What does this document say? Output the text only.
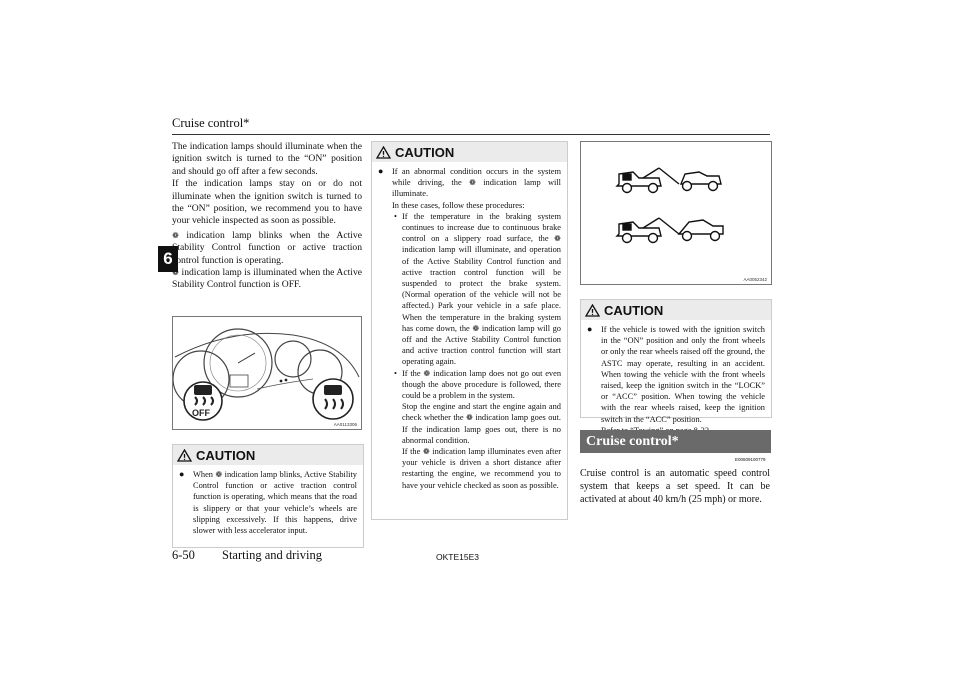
Cruise control*
6

The indication lamps should illuminate when the ignition switch is turned to the “ON” position and should go off after a few seconds.

If the indication lamps stay on or do not illuminate when the ignition switch is turned to the “ON” position, we recommend you to have your vehicle inspected as soon as possible.

❁ indication lamp blinks when the Active Stability Control function or active traction control function is operating.

❁ indication lamp is illuminated when the Active Stability Control function is OFF.

OFF
AA0113306
CAUTION
●	When ❁ indication lamp blinks, Active Stability Control function or active traction control function is operating, which means that the road is slippery or that your vehicle’s wheels are slipping excessively. If this happens, drive slower with less accelerator input.
CAUTION
●	If an abnormal condition occurs in the system while driving, the ❁ indication lamp will illuminate.
In these cases, follow these procedures:
• If the temperature in the braking system continues to increase due to continuous brake control on a slippery road surface, the ❁ indication lamp will illuminate, and operation of the Active Stability Control function and active traction control function will be suspended to protect the brake system. (Normal operation of the vehicle will not be affected.) Park your vehicle in a safe place. When the temperature in the braking system has come down, the ❁ indication lamp will go off and the Active Stability Control function and active traction control function will start operating again.
• If the ❁ indication lamp does not go out even though the above procedure is followed, there could be a problem in the system.
Stop the engine and start the engine again and check whether the ❁ indication lamp goes out. If the indication lamp goes out, there is no abnormal condition.
If the ❁ indication lamp illuminates even after your vehicle is driven a short distance after restarting the engine, we recommend you to have your vehicle checked as soon as possible.
AA0052342
CAUTION
●	If the vehicle is towed with the ignition switch in the “ON” position and only the front wheels or only the rear wheels raised off the ground, the ASTC may operate, resulting in an accident. When towing the vehicle with the front wheels raised, keep the ignition switch in the “LOCK” or “ACC” position. When towing the vehicle with the rear wheels raised, keep the ignition switch in the “ACC” position.
Cruise control*
E00609100779
Cruise control is an automatic speed control system that keeps a set speed. It can be activated at about 40 km/h (25 mph) or more.
6-50 Starting and driving	OKTE15E3
